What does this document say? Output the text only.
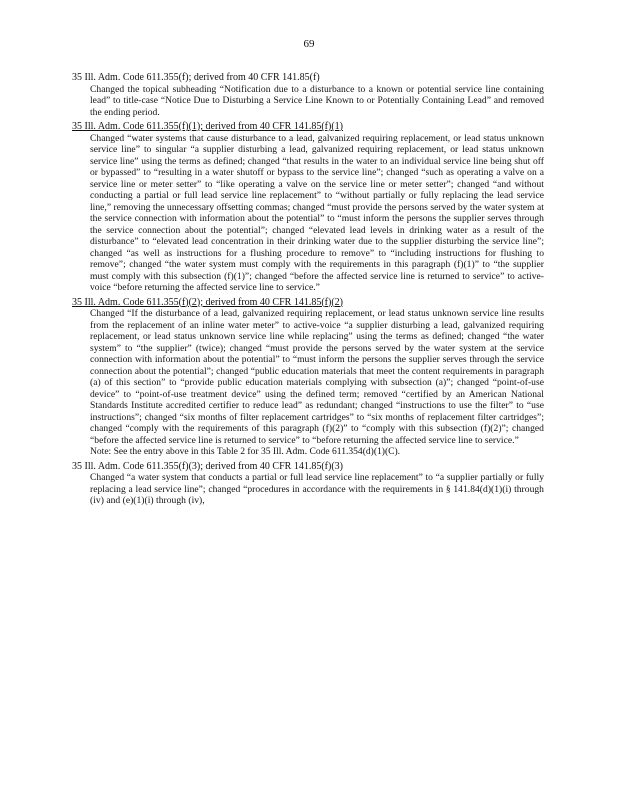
69
35 Ill. Adm. Code 611.355(f); derived from 40 CFR 141.85(f)
Changed the topical subheading “Notification due to a disturbance to a known or potential service line containing lead” to title-case “Notice Due to Disturbing a Service Line Known to or Potentially Containing Lead” and removed the ending period.
35 Ill. Adm. Code 611.355(f)(1); derived from 40 CFR 141.85(f)(1)
Changed “water systems that cause disturbance to a lead, galvanized requiring replacement, or lead status unknown service line” to singular “a supplier disturbing a lead, galvanized requiring replacement, or lead status unknown service line” using the terms as defined; changed “that results in the water to an individual service line being shut off or bypassed” to “resulting in a water shutoff or bypass to the service line”; changed “such as operating a valve on a service line or meter setter” to “like operating a valve on the service line or meter setter”; changed “and without conducting a partial or full lead service line replacement” to “without partially or fully replacing the lead service line,” removing the unnecessary offsetting commas; changed “must provide the persons served by the water system at the service connection with information about the potential” to “must inform the persons the supplier serves through the service connection about the potential”; changed “elevated lead levels in drinking water as a result of the disturbance” to “elevated lead concentration in their drinking water due to the supplier disturbing the service line”; changed “as well as instructions for a flushing procedure to remove” to “including instructions for flushing to remove”; changed “the water system must comply with the requirements in this paragraph (f)(1)” to “the supplier must comply with this subsection (f)(1)”; changed “before the affected service line is returned to service” to active-voice “before returning the affected service line to service.”
35 Ill. Adm. Code 611.355(f)(2); derived from 40 CFR 141.85(f)(2)
Changed “If the disturbance of a lead, galvanized requiring replacement, or lead status unknown service line results from the replacement of an inline water meter” to active-voice “a supplier disturbing a lead, galvanized requiring replacement, or lead status unknown service line while replacing” using the terms as defined; changed “the water system” to “the supplier” (twice); changed “must provide the persons served by the water system at the service connection with information about the potential” to “must inform the persons the supplier serves through the service connection about the potential”; changed “public education materials that meet the content requirements in paragraph (a) of this section” to “provide public education materials complying with subsection (a)”; changed “point-of-use device” to “point-of-use treatment device” using the defined term; removed “certified by an American National Standards Institute accredited certifier to reduce lead” as redundant; changed “instructions to use the filter” to “use instructions”; changed “six months of filter replacement cartridges” to “six months of replacement filter cartridges”; changed “comply with the requirements of this paragraph (f)(2)” to “comply with this subsection (f)(2)”; changed “before the affected service line is returned to service” to “before returning the affected service line to service.”
Note: See the entry above in this Table 2 for 35 Ill. Adm. Code 611.354(d)(1)(C).
35 Ill. Adm. Code 611.355(f)(3); derived from 40 CFR 141.85(f)(3)
Changed “a water system that conducts a partial or full lead service line replacement” to “a supplier partially or fully replacing a lead service line”; changed “procedures in accordance with the requirements in § 141.84(d)(1)(i) through (iv) and (e)(1)(i) through (iv),
